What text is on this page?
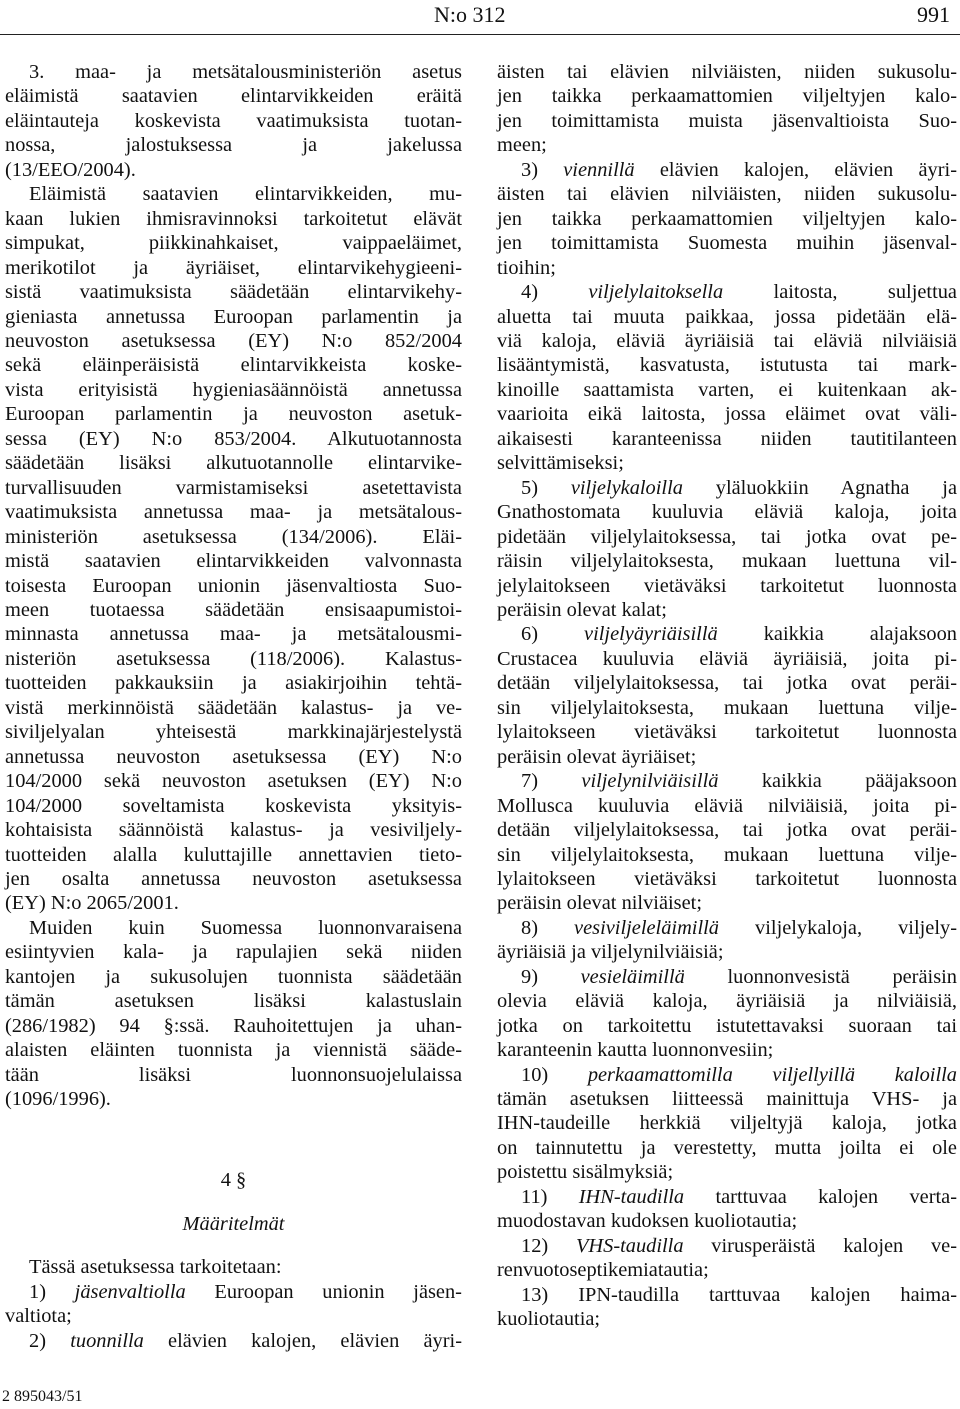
N:o 312	991
3. maa- ja metsätalousministeriön asetus
eläimistä saatavien elintarvikkeiden eräitä
eläintauteja koskevista vaatimuksista tuotan-
nossa, jalostuksessa ja jakelussa
(13/EEO/2004).
Eläimistä saatavien elintarvikkeiden, mu-
kaan lukien ihmisravinnoksi tarkoitetut elävät
simpukat, piikkinahkaiset, vaippaeläimet,
merikotilot ja äyriäiset, elintarvikehygieeni-
sistä vaatimuksista säädetään elintarvikehy-
gieniasta annetussa Euroopan parlamentin ja
neuvoston asetuksessa (EY) N:o 852/2004
sekä eläinperäisistä elintarvikkeista koske-
vista erityisistä hygieniasäännöistä annetussa
Euroopan parlamentin ja neuvoston asetuk-
sessa (EY) N:o 853/2004. Alkutuotannosta
säädetään lisäksi alkutuotannolle elintarvike-
turvallisuuden varmistamiseksi asetettavista
vaatimuksista annetussa maa- ja metsätalous-
ministeriön asetuksessa (134/2006). Eläi-
mistä saatavien elintarvikkeiden valvonnasta
toisesta Euroopan unionin jäsenvaltiosta Suo-
meen tuotaessa säädetään ensisaapumistoi-
minnasta annetussa maa- ja metsätalousmi-
nisteriön asetuksessa (118/2006). Kalastus-
tuotteiden pakkauksiin ja asiakirjoihin tehtä-
vistä merkinnöistä säädetään kalastus- ja ve-
siviljelyalan yhteisestä markkinajärjestelystä
annetussa neuvoston asetuksessa (EY) N:o
104/2000 sekä neuvoston asetuksen (EY) N:o
104/2000 soveltamista koskevista yksityis-
kohtaisista säännöistä kalastus- ja vesiviljely-
tuotteiden alalla kuluttajille annettavien tieto-
jen osalta annetussa neuvoston asetuksessa
(EY) N:o 2065/2001.
Muiden kuin Suomessa luonnonvaraisena
esiintyvien kala- ja rapulajien sekä niiden
kantojen ja sukusolujen tuonnista säädetään
tämän asetuksen lisäksi kalastuslain
(286/1982) 94 §:ssä. Rauhoitettujen ja uhan-
alaisten eläinten tuonnista ja viennistä sääde-
tään lisäksi luonnonsuojelulaissa
(1096/1996).
4 §
Määritelmät
Tässä asetuksessa tarkoitetaan:
1) jäsenvaltiolla Euroopan unionin jäsen-
valtiota;
2) tuonnilla elävien kalojen, elävien äyri-
äisten tai elävien nilviäisten, niiden sukusolu-
jen taikka perkaamattomien viljeltyjen kalo-
jen toimittamista muista jäsenvaltioista Suo-
meen;
3) viennillä elävien kalojen, elävien äyri-
äisten tai elävien nilviäisten, niiden sukusolu-
jen taikka perkaamattomien viljeltyjen kalo-
jen toimittamista Suomesta muihin jäsenval-
tioihin;
4) viljelylaitoksella laitosta, suljettua
aluetta tai muuta paikkaa, jossa pidetään elä-
viä kaloja, eläviä äyriäisiä tai eläviä nilviäisiä
lisääntymistä, kasvatusta, istutusta tai mark-
kinoille saattamista varten, ei kuitenkaan ak-
vaarioita eikä laitosta, jossa eläimet ovat väli-
aikaisesti karanteenissa niiden tautitilanteen
selvittämiseksi;
5) viljelykaloilla yläluokkiin Agnatha ja
Gnathostomata kuuluvia eläviä kaloja, joita
pidetään viljelylaitoksessa, tai jotka ovat pe-
räisin viljelylaitoksesta, mukaan luettuna vil-
jelylaitokseen vietäväksi tarkoitetut luonnosta
peräisin olevat kalat;
6) viljelyäyriäisillä kaikkia alajaksoon
Crustacea kuuluvia eläviä äyriäisiä, joita pi-
detään viljelylaitoksessa, tai jotka ovat peräi-
sin viljelylaitoksesta, mukaan luettuna vilje-
lylaitokseen vietäväksi tarkoitetut luonnosta
peräisin olevat äyriäiset;
7) viljelynilviäisillä kaikkia pääjaksoon
Mollusca kuuluvia eläviä nilviäisiä, joita pi-
detään viljelylaitoksessa, tai jotka ovat peräi-
sin viljelylaitoksesta, mukaan luettuna vilje-
lylaitokseen vietäväksi tarkoitetut luonnosta
peräisin olevat nilviäiset;
8) vesiviljeleläimillä viljelykaloja, viljely-
äyriäisiä ja viljelynilviäisiä;
9) vesieläimillä luonnonvesistä peräisin
olevia eläviä kaloja, äyriäisiä ja nilviäisiä,
jotka on tarkoitettu istutettavaksi suoraan tai
karanteenin kautta luonnonvesiin;
10) perkaamattomilla viljellyillä kaloilla
tämän asetuksen liitteessä mainittuja VHS- ja
IHN-taudeille herkkiä viljeltyjä kaloja, jotka
on tainnutettu ja verestetty, mutta joilta ei ole
poistettu sisälmyksiä;
11) IHN-taudilla tarttuvaa kalojen verta-
muodostavan kudoksen kuoliotautia;
12) VHS-taudilla virusperäistä kalojen ve-
renvuotoseptikemiatautia;
13) IPN-taudilla tarttuvaa kalojen haima-
kuoliotautia;
2 895043/51
